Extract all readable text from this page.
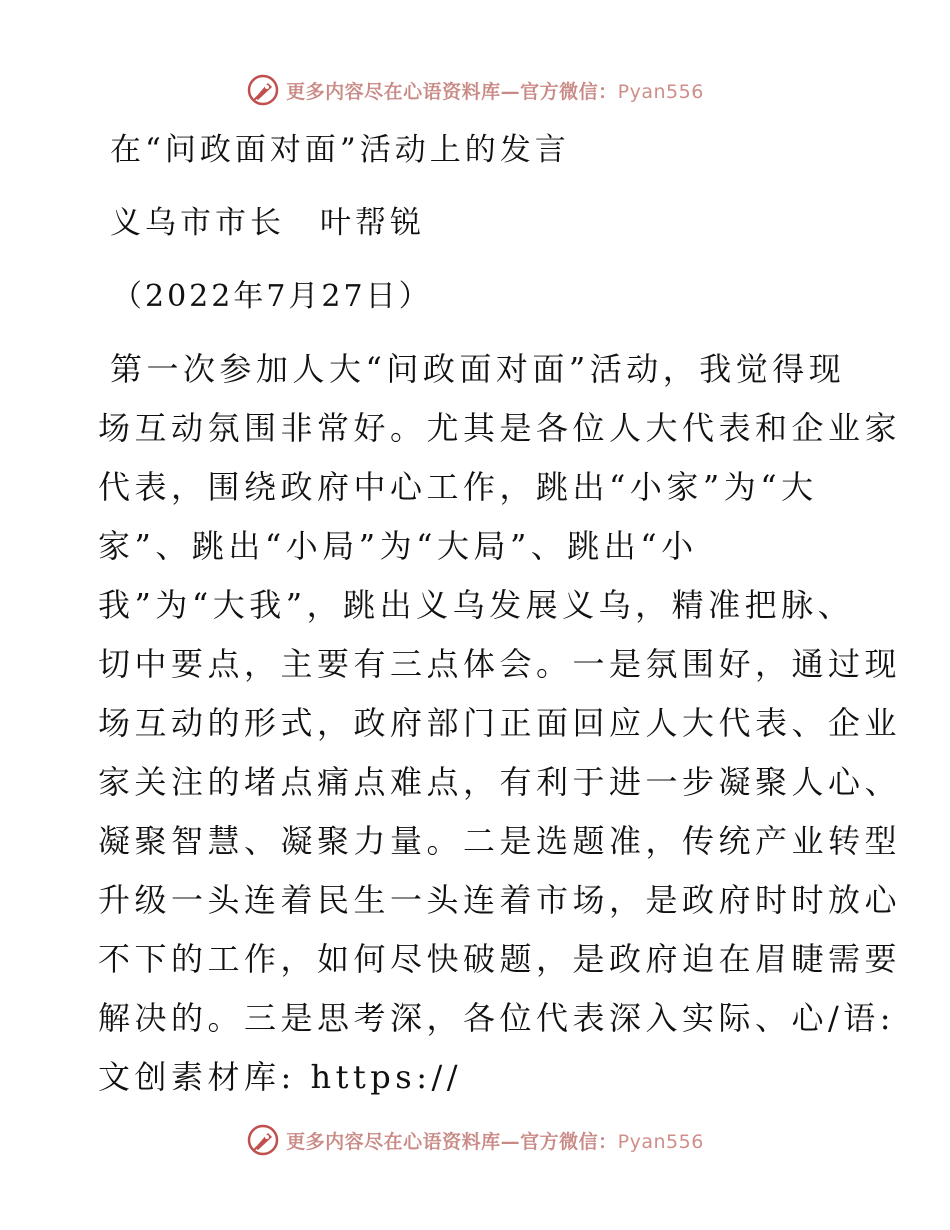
更多内容尽在心语资料库—官方微信：Pyan556
在“问政面对面”活动上的发言
义乌市市长　叶帮锐
（2022年7月27日）
第一次参加人大“问政面对面”活动，我觉得现
场互动氛围非常好。尤其是各位人大代表和企业家
代表，围绕政府中心工作，跳出“小家”为“大
家”、跳出“小局”为“大局”、跳出“小
我”为“大我”，跳出义乌发展义乌，精准把脉、
切中要点，主要有三点体会。一是氛围好，通过现
场互动的形式，政府部门正面回应人大代表、企业
家关注的堵点痛点难点，有利于进一步凝聚人心、
凝聚智慧、凝聚力量。二是选题准，传统产业转型
升级一头连着民生一头连着市场，是政府时时放心
不下的工作，如何尽快破题，是政府迫在眉睫需要
解决的。三是思考深，各位代表深入实际、心/语:
文创素材库: https://
更多内容尽在心语资料库—官方微信：Pyan556
